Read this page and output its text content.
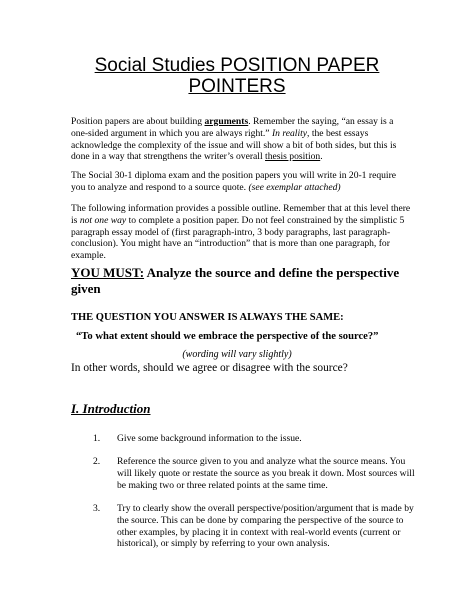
Social Studies POSITION PAPER
POINTERS
Position papers are about building arguments. Remember the saying, “an essay is a one-sided argument in which you are always right.” In reality, the best essays acknowledge the complexity of the issue and will show a bit of both sides, but this is done in a way that strengthens the writer’s overall thesis position.
The Social 30-1 diploma exam and the position papers you will write in 20-1 require you to analyze and respond to a source quote. (see exemplar attached)
The following information provides a possible outline. Remember that at this level there is not one way to complete a position paper. Do not feel constrained by the simplistic 5 paragraph essay model of (first paragraph-intro, 3 body paragraphs, last paragraph-conclusion). You might have an “introduction” that is more than one paragraph, for example.
YOU MUST: Analyze the source and define the perspective given
THE QUESTION YOU ANSWER IS ALWAYS THE SAME:
“To what extent should we embrace the perspective of the source?”
(wording will vary slightly)
In other words, should we agree or disagree with the source?
I. Introduction
1. Give some background information to the issue.
2. Reference the source given to you and analyze what the source means. You will likely quote or restate the source as you break it down. Most sources will be making two or three related points at the same time.
3. Try to clearly show the overall perspective/position/argument that is made by the source. This can be done by comparing the perspective of the source to other examples, by placing it in context with real-world events (current or historical), or simply by referring to your own analysis.
